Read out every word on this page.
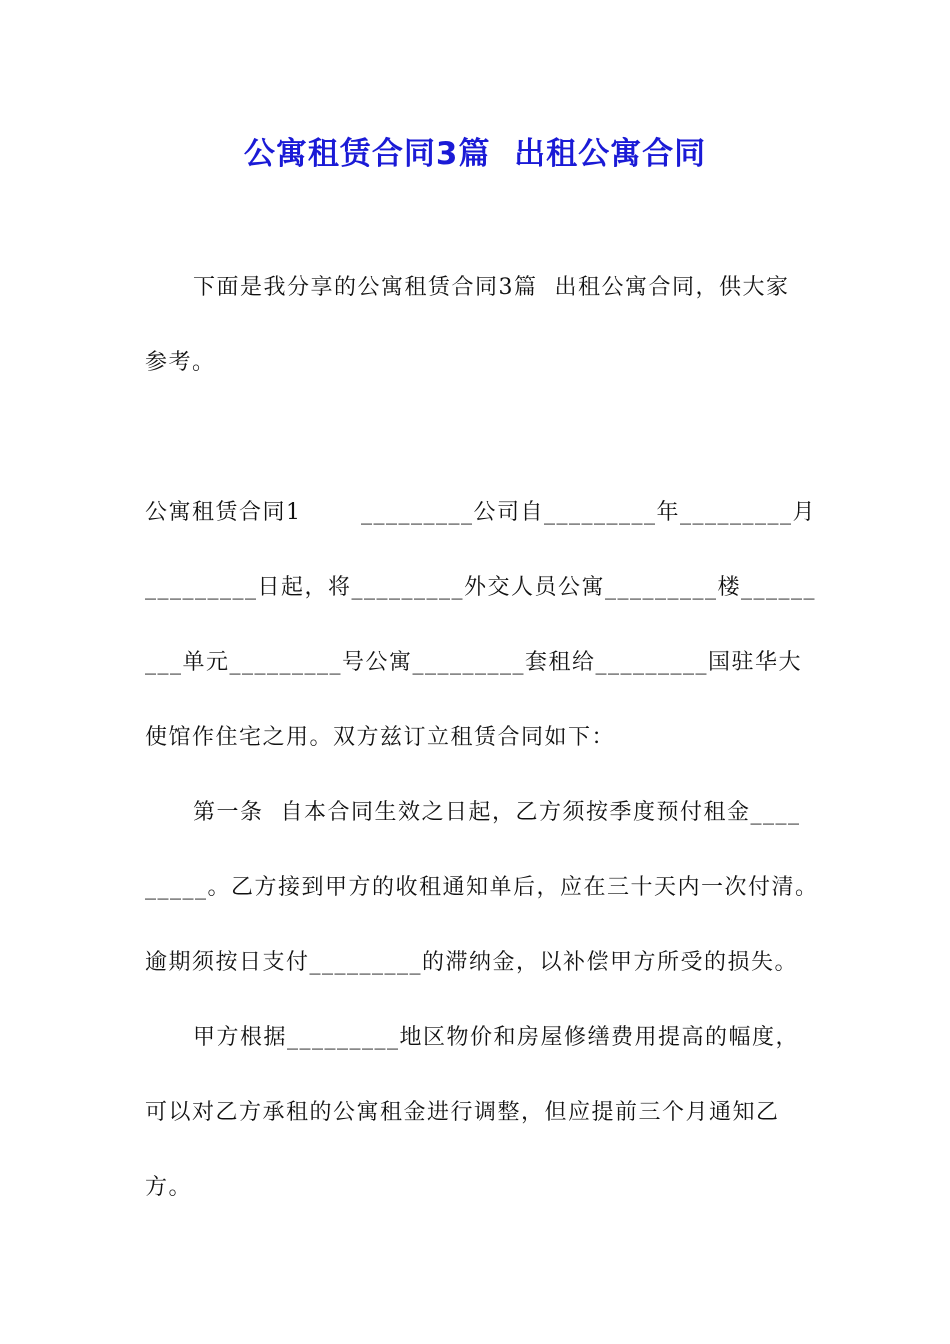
公寓租赁合同3篇  出租公寓合同
下面是我分享的公寓租赁合同3篇  出租公寓合同，供大家
参考。
公寓租赁合同1       _________公司自_________年_________月
_________日起，将_________外交人员公寓_________楼______
___单元_________号公寓_________套租给_________国驻华大
使馆作住宅之用。双方兹订立租赁合同如下：
第一条  自本合同生效之日起，乙方须按季度预付租金____
_____。乙方接到甲方的收租通知单后，应在三十天内一次付清。
逾期须按日支付_________的滞纳金，以补偿甲方所受的损失。
甲方根据_________地区物价和房屋修缮费用提高的幅度，
可以对乙方承租的公寓租金进行调整，但应提前三个月通知乙
方。
